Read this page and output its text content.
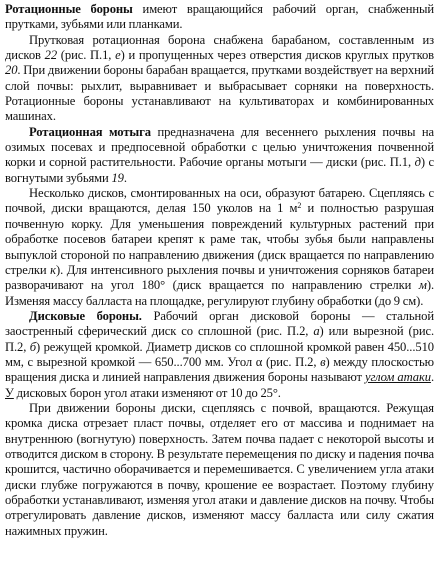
Ротационные бороны имеют вращающийся рабочий орган, снабженный прутками, зубьями или планками.

Прутковая ротационная борона снабжена барабаном, составленным из дисков 22 (рис. П.1, е) и пропущенных через отверстия дисков круглых прутков 20. При движении бороны барабан вращается, прутками воздействует на верхний слой почвы: рыхлит, выравнивает и выбрасывает сорняки на поверхность. Ротационные бороны устанавливают на культиваторах и комбинированных машинах.

Ротационная мотыга предназначена для весеннего рыхления почвы на озимых посевах и предпосевной обработки с целью уничтожения почвенной корки и сорной растительности. Рабочие органы мотыги — диски (рис. П.1, д) с вогнутыми зубьями 19.

Несколько дисков, смонтированных на оси, образуют батарею. Сцепляясь с почвой, диски вращаются, делая 150 уколов на 1 $м^2$ и полностью разрушая почвенную корку. Для уменьшения повреждений культурных растений при обработке посевов батареи крепят к раме так, чтобы зубья были направлены выпуклой стороной по направлению движения (диск вращается по направлению стрелки к). Для интенсивного рыхления почвы и уничтожения сорняков батареи разворачивают на угол 180° (диск вращается по направлению стрелки м). Изменяя массу балласта на площадке, регулируют глубину обработки (до 9 см).

Дисковые бороны. Рабочий орган дисковой бороны — стальной заостренный сферический диск со сплошной (рис. П.2, а) или вырезной (рис. П.2, б) режущей кромкой. Диаметр дисков со сплошной кромкой равен 450...510 мм, с вырезной кромкой — 650...700 мм. Угол α (рис. П.2, в) между плоскостью вращения диска и линией направления движения бороны называют углом атаки. У дисковых борон угол атаки изменяют от 10 до 25°.

При движении бороны диски, сцепляясь с почвой, вращаются. Режущая кромка диска отрезает пласт почвы, отделяет его от массива и поднимает на внутреннюю (вогнутую) поверхность. Затем почва падает с некоторой высоты и отводится диском в сторону. В результате перемещения по диску и падения почва крошится, частично оборачивается и перемешивается. С увеличением угла атаки диски глубже погружаются в почву, крошение ее возрастает. Поэтому глубину обработки устанавливают, изменяя угол атаки и давление дисков на почву. Чтобы отрегулировать давление дисков, изменяют массу балласта или силу сжатия нажимных пружин.
